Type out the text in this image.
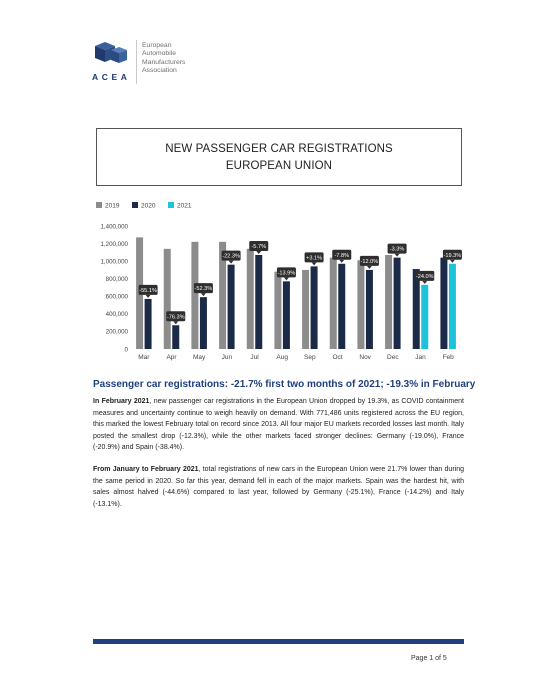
ACEA
European
Automobile
Manufacturers
Association
NEW PASSENGER CAR REGISTRATIONS
EUROPEAN UNION
2019	2020	2021
0
200,000
400,000
600,000
800,000
1,000,000
1,200,000
1,400,000
Mar
-55.1%
Apr
-76.3%
May
-52.3%
Jun
-22.3%
Jul
-5.7%
Aug
-13.9%
Sep
+3.1%
Oct
-7.8%
Nov
-12.0%
Dec
-3.3%
Jan
-24.0%
Feb
-19.3%
Passenger car registrations: -21.7% first two months of 2021; -19.3% in February
In February 2021, new passenger car registrations in the European Union dropped by 19.3%, as COVID containment measures and uncertainty continue to weigh heavily on demand. With 771,486 units registered across the EU region, this marked the lowest February total on record since 2013. All four major EU markets recorded losses last month. Italy posted the smallest drop (-12.3%), while the other markets faced stronger declines: Germany (-19.0%), France (-20.9%) and Spain (-38.4%).
From January to February 2021, total registrations of new cars in the European Union were 21.7% lower than during the same period in 2020. So far this year, demand fell in each of the major markets. Spain was the hardest hit, with sales almost halved (-44.6%) compared to last year, followed by Germany (-25.1%), France (-14.2%) and Italy (-13.1%).
Page 1 of 5
